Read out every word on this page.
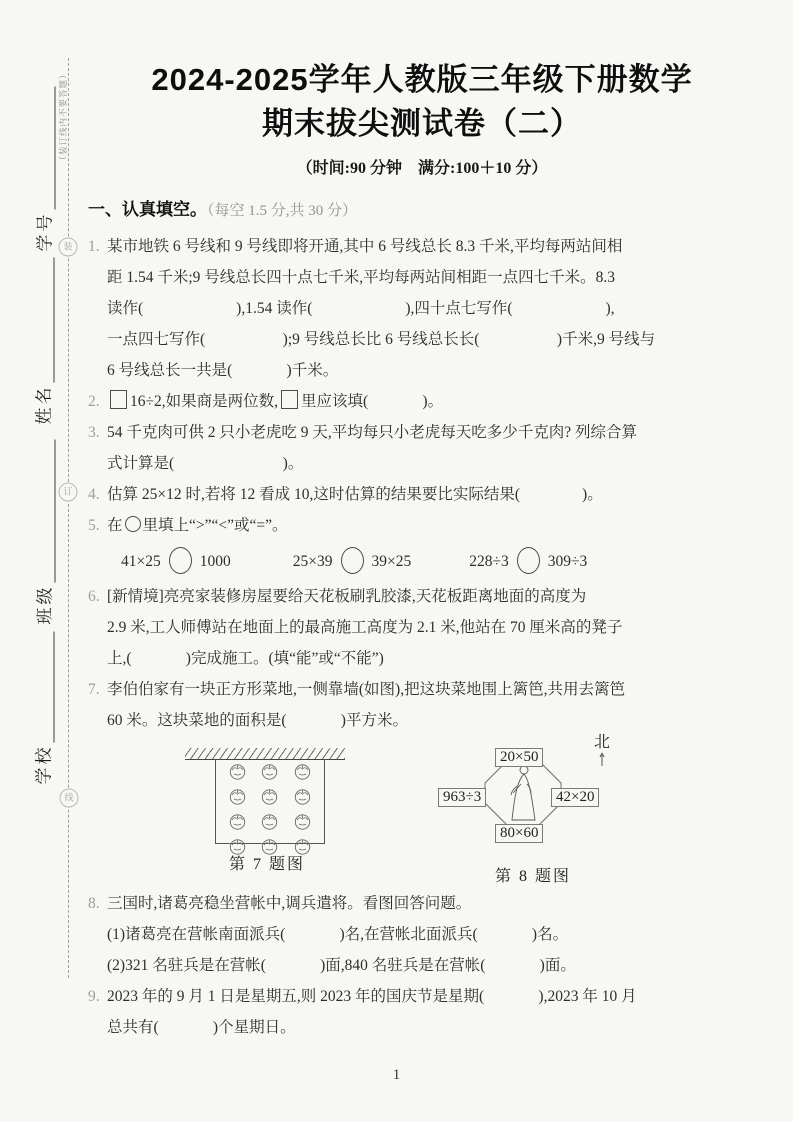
（装订线内不要答题）
学号
姓名
班级
学校
装
订
线
2024-2025学年人教版三年级下册数学
期末拔尖测试卷（二）
（时间:90 分钟　满分:100＋10 分）
一、认真填空。（每空 1.5 分,共 30 分）
1. 某市地铁 6 号线和 9 号线即将开通,其中 6 号线总长 8.3 千米,平均每两站间相
距 1.54 千米;9 号线总长四十点七千米,平均每两站间相距一点四七千米。8.3
读作(                        ),1.54 读作(                        ),四十点七写作(                        ),
一点四七写作(                    );9 号线总长比 6 号线总长长(                    )千米,9 号线与
6 号线总长一共是(              )千米。
2.	16÷2,如果商是两位数, 里应该填(              )。
3. 54 千克肉可供 2 只小老虎吃 9 天,平均每只小老虎每天吃多少千克肉? 列综合算
式计算是(                            )。
4. 估算 25×12 时,若将 12 看成 10,这时估算的结果要比实际结果(                )。
5. 在 里填上“>”“<”或“=”。
41×25	1000	25×39	39×25	228÷3	309÷3
6. [新情境]亮亮家装修房屋要给天花板刷乳胶漆,天花板距离地面的高度为
2.9 米,工人师傅站在地面上的最高施工高度为 2.1 米,他站在 70 厘米高的凳子
上,(              )完成施工。(填“能”或“不能”)
7. 李伯伯家有一块正方形菜地,一侧靠墙(如图),把这块菜地围上篱笆,共用去篱笆
60 米。这块菜地的面积是(              )平方米。
第 7 题图
北
20×50
963÷3	42×20
80×60
第 8 题图
8. 三国时,诸葛亮稳坐营帐中,调兵遣将。看图回答问题。
(1)诸葛亮在营帐南面派兵(              )名,在营帐北面派兵(              )名。
(2)321 名驻兵是在营帐(              )面,840 名驻兵是在营帐(              )面。
9. 2023 年的 9 月 1 日是星期五,则 2023 年的国庆节是星期(              ),2023 年 10 月
总共有(              )个星期日。
1
